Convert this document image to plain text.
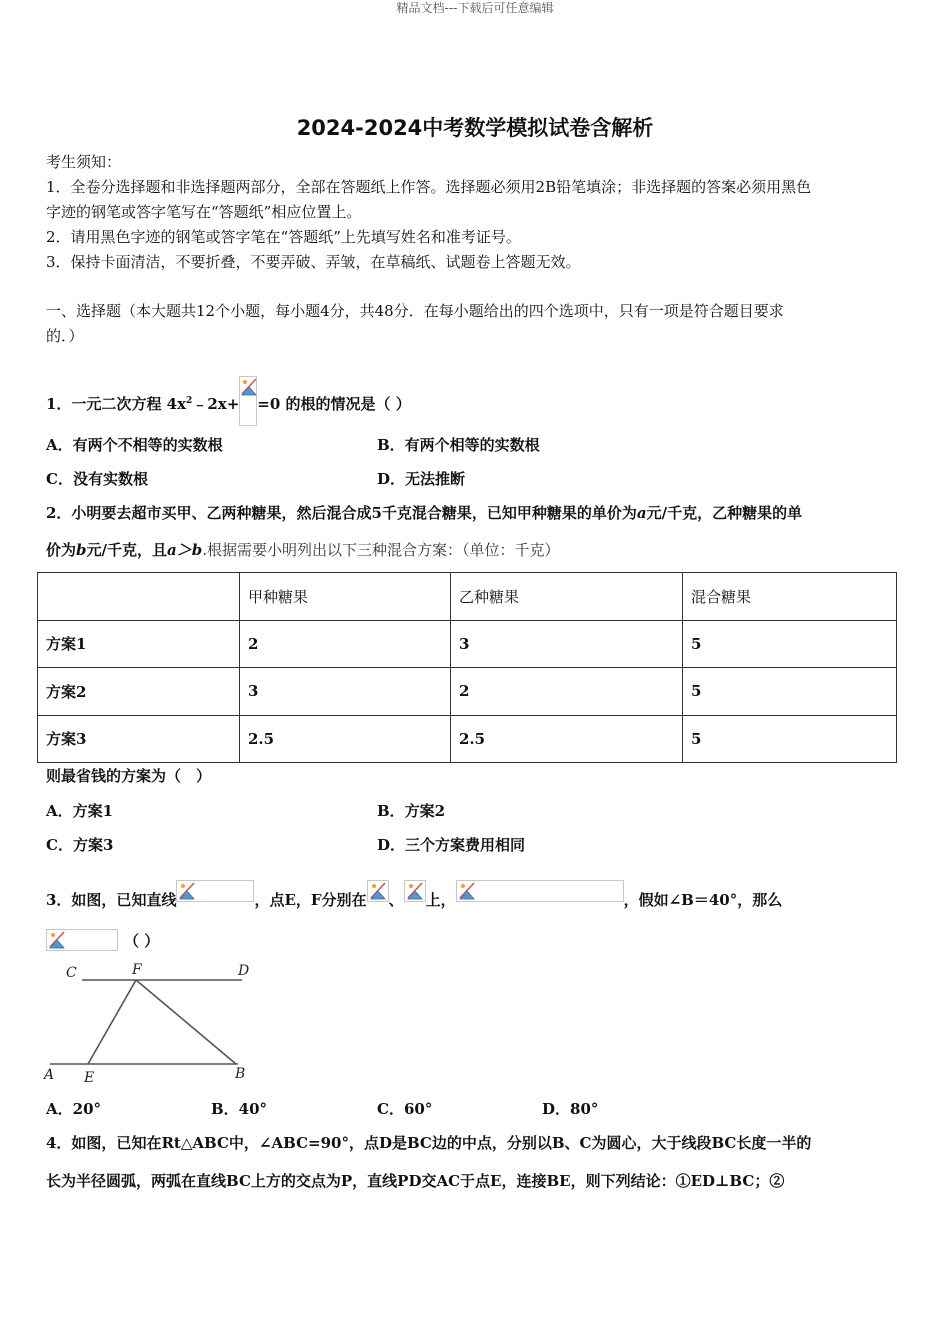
精品文档---下载后可任意编辑
2024-2024中考数学模拟试卷含解析
考生须知：
1．全卷分选择题和非选择题两部分，全部在答题纸上作答。选择题必须用2B铅笔填涂；非选择题的答案必须用黑色
字迹的钢笔或答字笔写在“答题纸”相应位置上。
2．请用黑色字迹的钢笔或答字笔在“答题纸”上先填写姓名和准考证号。
3．保持卡面清洁，不要折叠，不要弄破、弄皱，在草稿纸、试题卷上答题无效。
一、选择题（本大题共12个小题，每小题4分，共48分．在每小题给出的四个选项中，只有一项是符合题目要求
的．）
1．一元二次方程 $4x^2﹣2x+ =0$ 的根的情况是（ ）
A．有两个不相等的实数根	B．有两个相等的实数根
C．没有实数根	D．无法推断
2．小明要去超市买甲、乙两种糖果，然后混合成5千克混合糖果，已知甲种糖果的单价为a元/千克，乙种糖果的单
价为b元/千克，且a＞b.根据需要小明列出以下三种混合方案：（单位：千克）
	甲种糖果	乙种糖果	混合糖果
方案1	2	3	5
方案2	3	2	5
方案3	2.5	2.5	5
则最省钱的方案为（　）
A．方案1	B．方案2
C．方案3	D．三个方案费用相同
3．如图，已知直线	，点E，F分别在 、 上，	，假如∠B＝40°，那么
（ ）
C	F	D
A E	B
A．20°	B．40°	C．60°	D．80°
4．如图，已知在Rt△ABC中，∠ABC=90°，点D是BC边的中点，分别以B、C为圆心，大于线段BC长度一半的
长为半径圆弧，两弧在直线BC上方的交点为P，直线PD交AC于点E，连接BE，则下列结论：①ED⊥BC；②
